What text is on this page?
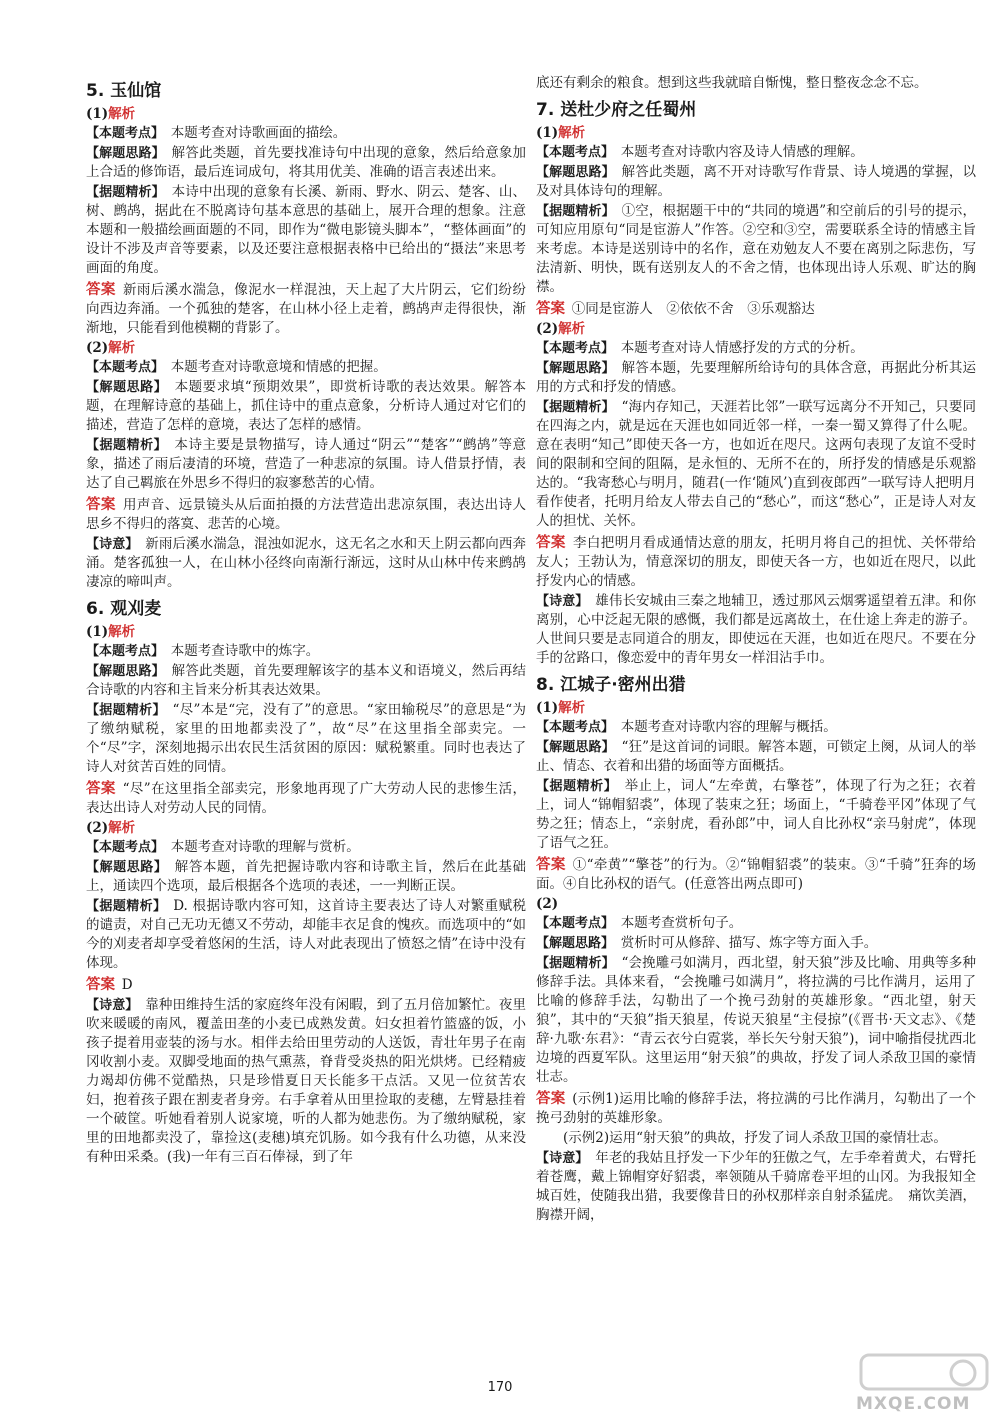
5. 玉仙馆
(1)解析
【本题考点】  本题考查对诗歌画面的描绘。
【解题思路】  解答此类题，首先要找准诗句中出现的意象，然后给意象加上合适的修饰语，最后连词成句，将其用优美、准确的语言表述出来。
【据题精析】  本诗中出现的意象有长溪、新雨、野水、阴云、楚客、山、树、鹧鸪，据此在不脱离诗句基本意思的基础上，展开合理的想象。注意本题和一般描绘画面题的不同，即作为“微电影镜头脚本”，“整体画面”的设计不涉及声音等要素，以及还要注意根据表格中已给出的“摄法”来思考画面的角度。
答案  新雨后溪水湍急，像泥水一样混浊，天上起了大片阴云，它们纷纷向西边奔涌。一个孤独的楚客，在山林小径上走着，鹧鸪声走得很快，渐渐地，只能看到他模糊的背影了。
(2)解析
【本题考点】  本题考查对诗歌意境和情感的把握。
【解题思路】  本题要求填“预期效果”，即赏析诗歌的表达效果。解答本题，在理解诗意的基础上，抓住诗中的重点意象，分析诗人通过对它们的描述，营造了怎样的意境，表达了怎样的感情。
【据题精析】  本诗主要是景物描写，诗人通过“阴云”“楚客”“鹧鸪”等意象，描述了雨后凄清的环境，营造了一种悲凉的氛围。诗人借景抒情，表达了自己羁旅在外思乡不得归的寂寥愁苦的心情。
答案  用声音、远景镜头从后面拍摄的方法营造出悲凉氛围，表达出诗人思乡不得归的落寞、悲苦的心境。
【诗意】  新雨后溪水湍急，混浊如泥水，这无名之水和天上阴云都向西奔涌。楚客孤独一人，在山林小径终向南渐行渐远，这时从山林中传来鹧鸪凄凉的啼叫声。
6. 观刈麦
(1)解析
【本题考点】  本题考查诗歌中的炼字。
【解题思路】  解答此类题，首先要理解该字的基本义和语境义，然后再结合诗歌的内容和主旨来分析其表达效果。
【据题精析】  “尽”本是“完，没有了”的意思。“家田输税尽”的意思是“为了缴纳赋税，家里的田地都卖没了”，故“尽”在这里指全部卖完。一个“尽”字，深刻地揭示出农民生活贫困的原因：赋税繁重。同时也表达了诗人对贫苦百姓的同情。
答案  “尽”在这里指全部卖完，形象地再现了广大劳动人民的悲惨生活，表达出诗人对劳动人民的同情。
(2)解析
【本题考点】  本题考查对诗歌的理解与赏析。
【解题思路】  解答本题，首先把握诗歌内容和诗歌主旨，然后在此基础上，通读四个选项，最后根据各个选项的表述，一一判断正误。
【据题精析】  D. 根据诗歌内容可知，这首诗主要表达了诗人对繁重赋税的谴责，对自己无功无德又不劳动，却能丰衣足食的愧疚。而选项中的“如今的刈麦者却享受着悠闲的生活，诗人对此表现出了愤怒之情”在诗中没有体现。
答案  D
【诗意】  靠种田维持生活的家庭终年没有闲暇，到了五月倍加繁忙。夜里吹来暖暖的南风，覆盖田垄的小麦已成熟发黄。妇女担着竹篮盛的饭，小孩子提着用壶装的汤与水。相伴去给田里劳动的人送饭，青壮年男子在南冈收割小麦。双脚受地面的热气熏蒸，脊背受炎热的阳光烘烤。已经精疲力竭却仿佛不觉酷热，只是珍惜夏日天长能多干点活。又见一位贫苦农妇，抱着孩子跟在割麦者身旁。右手拿着从田里捡取的麦穗，左臂悬挂着一个破筐。听她看着别人说家境，听的人都为她悲伤。为了缴纳赋税，家里的田地都卖没了，靠捡这(麦穗)填充饥肠。如今我有什么功德，从来没有种田采桑。(我)一年有三百石俸禄，到了年
底还有剩余的粮食。想到这些我就暗自惭愧，整日整夜念念不忘。
7. 送杜少府之任蜀州
(1)解析
【本题考点】  本题考查对诗歌内容及诗人情感的理解。
【解题思路】  解答此类题，离不开对诗歌写作背景、诗人境遇的掌握，以及对具体诗句的理解。
【据题精析】  ①空，根据题干中的“共同的境遇”和空前后的引号的提示，可知应用原句“同是宦游人”作答。②空和③空，需要联系全诗的情感主旨来考虑。本诗是送别诗中的名作，意在劝勉友人不要在离别之际悲伤，写法清新、明快，既有送别友人的不舍之情，也体现出诗人乐观、旷达的胸襟。
答案  ①同是宦游人　②依依不舍　③乐观豁达
(2)解析
【本题考点】  本题考查对诗人情感抒发的方式的分析。
【解题思路】  解答本题，先要理解所给诗句的具体含意，再据此分析其运用的方式和抒发的情感。
【据题精析】  “海内存知己，天涯若比邻”一联写远离分不开知己，只要同在四海之内，就是远在天涯也如同近邻一样，一秦一蜀又算得了什么呢。意在表明“知己”即使天各一方，也如近在咫尺。这两句表现了友谊不受时间的限制和空间的阻隔，是永恒的、无所不在的，所抒发的情感是乐观豁达的。“我寄愁心与明月，随君(一作‘随风’)直到夜郎西”一联写诗人把明月看作使者，托明月给友人带去自己的“愁心”，而这“愁心”，正是诗人对友人的担忧、关怀。
答案  李白把明月看成通情达意的朋友，托明月将自己的担忧、关怀带给友人；王勃认为，情意深切的朋友，即使天各一方，也如近在咫尺，以此抒发内心的情感。
【诗意】  雄伟长安城由三秦之地辅卫，透过那风云烟雾遥望着五津。和你离别，心中泛起无限的感慨，我们都是远离故土，在仕途上奔走的游子。人世间只要是志同道合的朋友，即使远在天涯，也如近在咫尺。不要在分手的岔路口，像恋爱中的青年男女一样泪沾手巾。
8. 江城子·密州出猎
(1)解析
【本题考点】  本题考查对诗歌内容的理解与概括。
【解题思路】  “狂”是这首词的词眼。解答本题，可锁定上阕，从词人的举止、情态、衣着和出猎的场面等方面概括。
【据题精析】  举止上，词人“左牵黄，右擎苍”，体现了行为之狂；衣着上，词人“锦帽貂裘”，体现了装束之狂；场面上，“千骑卷平冈”体现了气势之狂；情态上，“亲射虎，看孙郎”中，词人自比孙权“亲马射虎”，体现了语气之狂。
答案  ①“牵黄”“擎苍”的行为。②“锦帽貂裘”的装束。③“千骑”狂奔的场面。④自比孙权的语气。(任意答出两点即可)
(2)
【本题考点】  本题考查赏析句子。
【解题思路】  赏析时可从修辞、描写、炼字等方面入手。
【据题精析】  “会挽雕弓如满月，西北望，射天狼”涉及比喻、用典等多种修辞手法。具体来看，“会挽雕弓如满月”，将拉满的弓比作满月，运用了比喻的修辞手法，勾勒出了一个挽弓劲射的英雄形象。“西北望，射天狼”，其中的“天狼”指天狼星，传说天狼星“主侵掠”(《晋书·天文志》、《楚辞·九歌·东君》：“青云衣兮白霓裳，举长矢兮射天狼”)，词中喻指侵扰西北边境的西夏军队。这里运用“射天狼”的典故，抒发了词人杀敌卫国的豪情壮志。
答案  (示例1)运用比喻的修辞手法，将拉满的弓比作满月，勾勒出了一个挽弓劲射的英雄形象。
(示例2)运用“射天狼”的典故，抒发了词人杀敌卫国的豪情壮志。
【诗意】  年老的我姑且抒发一下少年的狂傲之气，左手牵着黄犬，右臂托着苍鹰，戴上锦帽穿好貂裘，率领随从千骑席卷平坦的山冈。为我报知全城百姓，使随我出猎，我要像昔日的孙权那样亲自射杀猛虎。　痛饮美酒，胸襟开阔，
170
MXQE.COM
